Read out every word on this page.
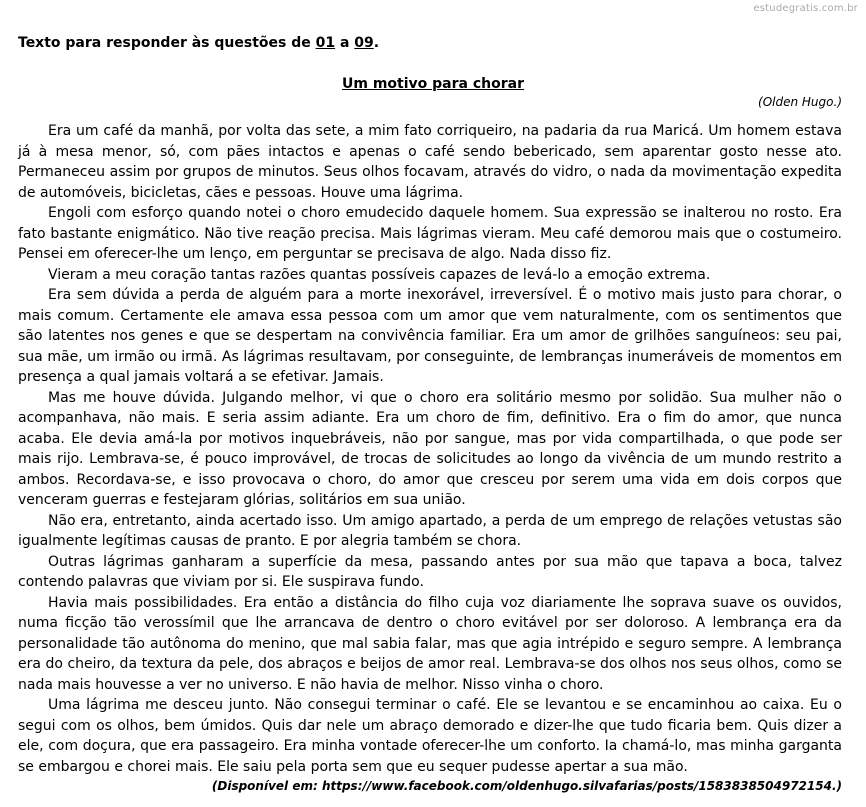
estudegratis.com.br
Texto para responder às questões de 01 a 09.
Um motivo para chorar
(Olden Hugo.)

Era um café da manhã, por volta das sete, a mim fato corriqueiro, na padaria da rua Maricá. Um homem estava já à mesa menor, só, com pães intactos e apenas o café sendo bebericado, sem aparentar gosto nesse ato. Permaneceu assim por grupos de minutos. Seus olhos focavam, através do vidro, o nada da movimentação expedita de automóveis, bicicletas, cães e pessoas. Houve uma lágrima.

Engoli com esforço quando notei o choro emudecido daquele homem. Sua expressão se inalterou no rosto. Era fato bastante enigmático. Não tive reação precisa. Mais lágrimas vieram. Meu café demorou mais que o costumeiro. Pensei em oferecer-lhe um lenço, em perguntar se precisava de algo. Nada disso fiz.

Vieram a meu coração tantas razões quantas possíveis capazes de levá-lo a emoção extrema.

Era sem dúvida a perda de alguém para a morte inexorável, irreversível. É o motivo mais justo para chorar, o mais comum. Certamente ele amava essa pessoa com um amor que vem naturalmente, com os sentimentos que são latentes nos genes e que se despertam na convivência familiar. Era um amor de grilhões sanguíneos: seu pai, sua mãe, um irmão ou irmã. As lágrimas resultavam, por conseguinte, de lembranças inumeráveis de momentos em presença a qual jamais voltará a se efetivar. Jamais.

Mas me houve dúvida. Julgando melhor, vi que o choro era solitário mesmo por solidão. Sua mulher não o acompanhava, não mais. E seria assim adiante. Era um choro de fim, definitivo. Era o fim do amor, que nunca acaba. Ele devia amá-la por motivos inquebráveis, não por sangue, mas por vida compartilhada, o que pode ser mais rijo. Lembrava-se, é pouco improvável, de trocas de solicitudes ao longo da vivência de um mundo restrito a ambos. Recordava-se, e isso provocava o choro, do amor que cresceu por serem uma vida em dois corpos que venceram guerras e festejaram glórias, solitários em sua união.

Não era, entretanto, ainda acertado isso. Um amigo apartado, a perda de um emprego de relações vetustas são igualmente legítimas causas de pranto. E por alegria também se chora.

Outras lágrimas ganharam a superfície da mesa, passando antes por sua mão que tapava a boca, talvez contendo palavras que viviam por si. Ele suspirava fundo.

Havia mais possibilidades. Era então a distância do filho cuja voz diariamente lhe soprava suave os ouvidos, numa ficção tão verossímil que lhe arrancava de dentro o choro evitável por ser doloroso. A lembrança era da personalidade tão autônoma do menino, que mal sabia falar, mas que agia intrépido e seguro sempre. A lembrança era do cheiro, da textura da pele, dos abraços e beijos de amor real. Lembrava-se dos olhos nos seus olhos, como se nada mais houvesse a ver no universo. E não havia de melhor. Nisso vinha o choro.

Uma lágrima me desceu junto. Não consegui terminar o café. Ele se levantou e se encaminhou ao caixa. Eu o segui com os olhos, bem úmidos. Quis dar nele um abraço demorado e dizer-lhe que tudo ficaria bem. Quis dizer a ele, com doçura, que era passageiro. Era minha vontade oferecer-lhe um conforto. Ia chamá-lo, mas minha garganta se embargou e chorei mais. Ele saiu pela porta sem que eu sequer pudesse apertar a sua mão.

(Disponível em: https://www.facebook.com/oldenhugo.silvafarias/posts/1583838504972154.)
